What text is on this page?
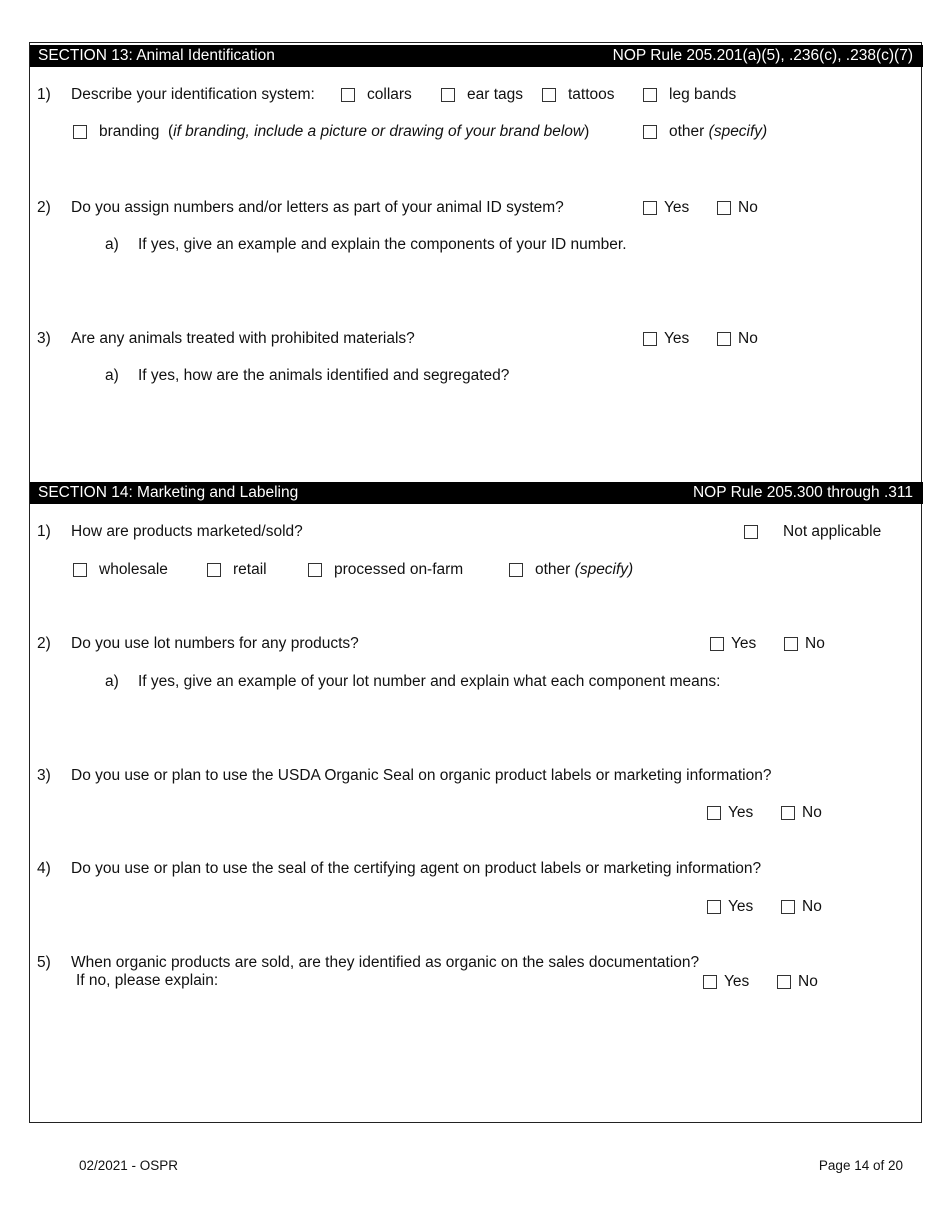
SECTION 13: Animal Identification	NOP Rule 205.201(a)(5), .236(c), .238(c)(7)
1) Describe your identification system:	collars	ear tags	tattoos	leg bands
branding (if branding, include a picture or drawing of your brand below)	other (specify)
2) Do you assign numbers and/or letters as part of your animal ID system?	Yes	No
a) If yes, give an example and explain the components of your ID number.
3) Are any animals treated with prohibited materials?	Yes	No
a) If yes, how are the animals identified and segregated?
SECTION 14: Marketing and Labeling	NOP Rule 205.300 through .311
1) How are products marketed/sold?	Not applicable
wholesale	retail	processed on-farm	other (specify)
2) Do you use lot numbers for any products?	Yes	No
a) If yes, give an example of your lot number and explain what each component means:
3) Do you use or plan to use the USDA Organic Seal on organic product labels or marketing information?
Yes	No
4) Do you use or plan to use the seal of the certifying agent on product labels or marketing information?
Yes	No
5) When organic products are sold, are they identified as organic on the sales documentation?
If no, please explain:	Yes	No
02/2021 - OSPR	Page 14 of 20
